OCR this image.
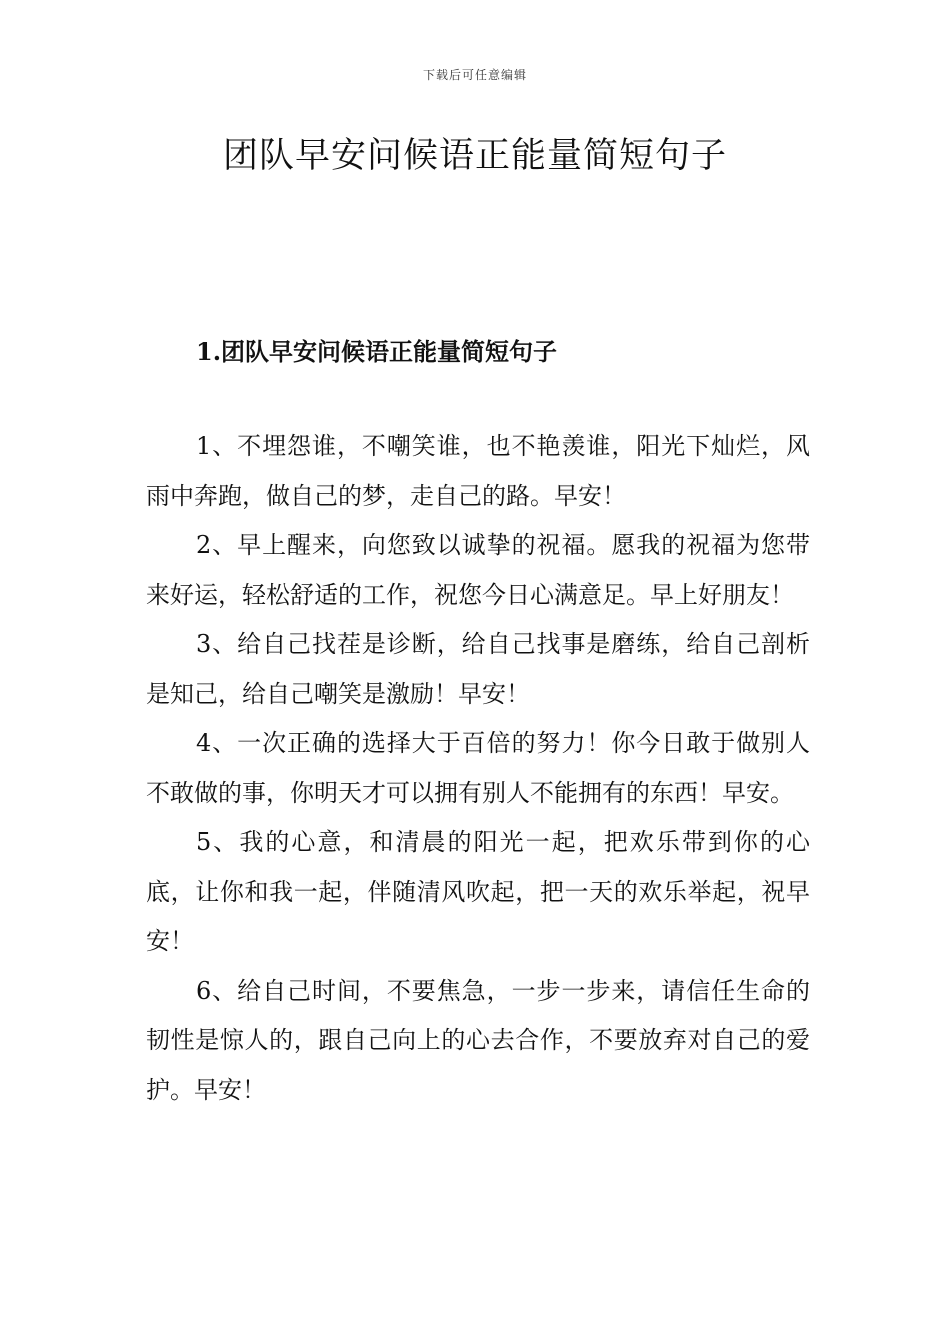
下载后可任意编辑
团队早安问候语正能量简短句子
1.团队早安问候语正能量简短句子

1、不埋怨谁，不嘲笑谁，也不艳羡谁，阳光下灿烂，风雨中奔跑，做自己的梦，走自己的路。早安！

2、早上醒来，向您致以诚挚的祝福。愿我的祝福为您带来好运，轻松舒适的工作，祝您今日心满意足。早上好朋友！

3、给自己找茬是诊断，给自己找事是磨练，给自己剖析是知己，给自己嘲笑是激励！早安！

4、一次正确的选择大于百倍的努力！你今日敢于做别人不敢做的事，你明天才可以拥有别人不能拥有的东西！早安。

5、我的心意，和清晨的阳光一起，把欢乐带到你的心底，让你和我一起，伴随清风吹起，把一天的欢乐举起，祝早安！

6、给自己时间，不要焦急，一步一步来，请信任生命的韧性是惊人的，跟自己向上的心去合作，不要放弃对自己的爱护。早安！
